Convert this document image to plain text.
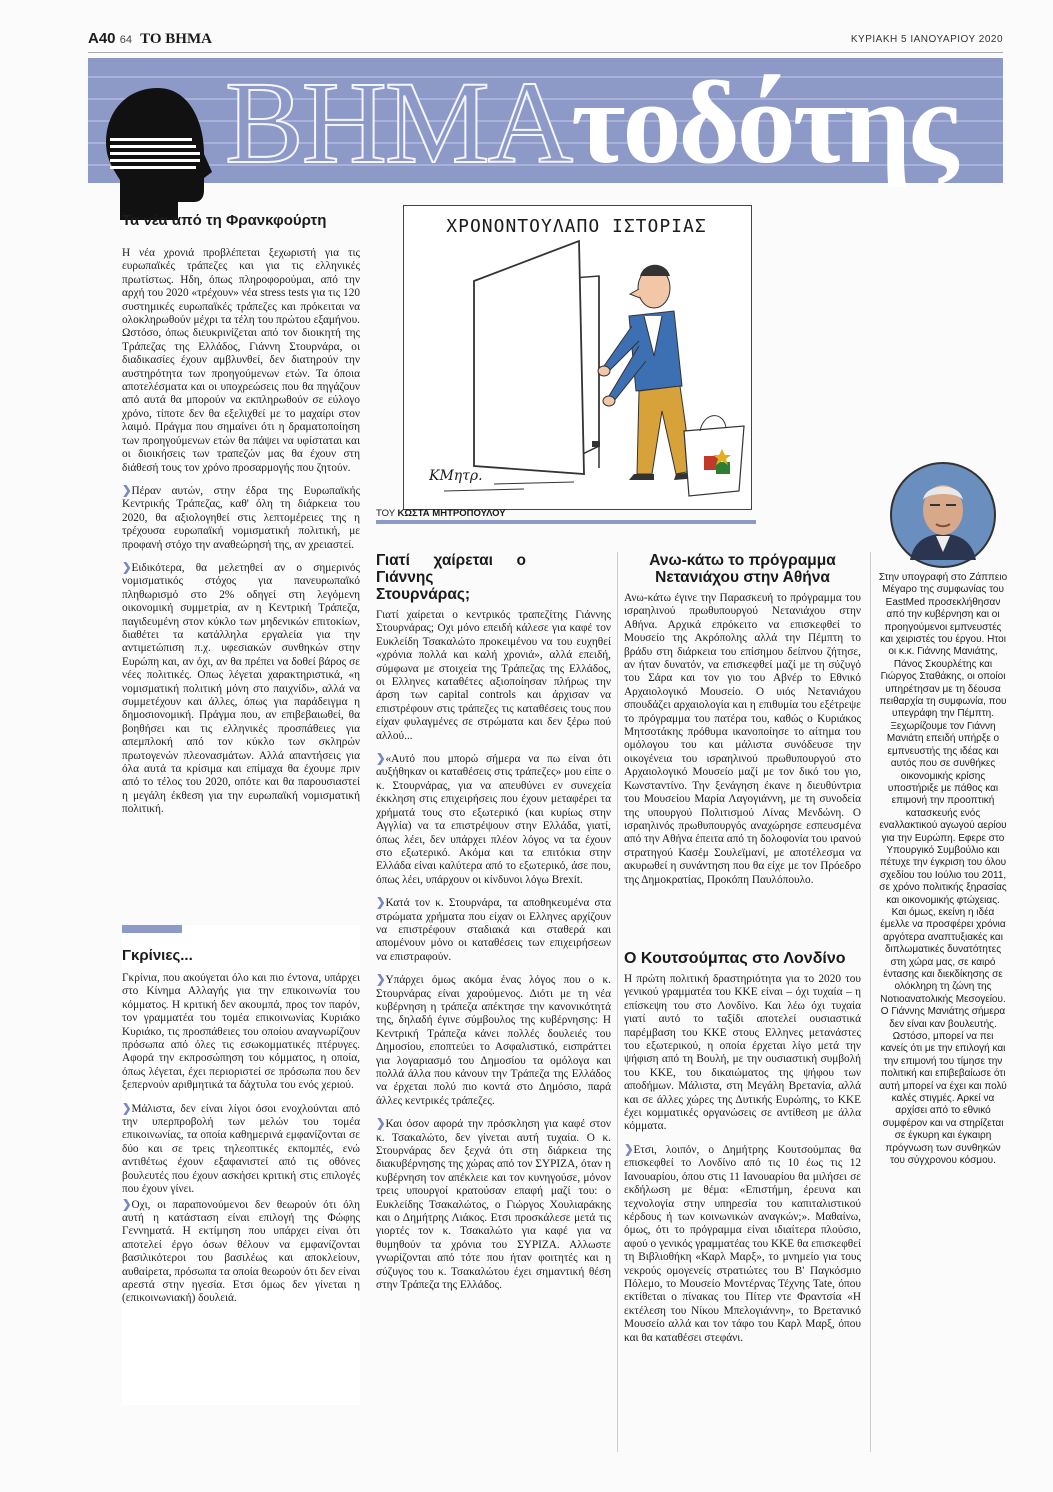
A40 64 ΤΟ ΒΗΜΑ	ΚΥΡΙΑΚΗ 5 ΙΑΝΟΥΑΡΙΟΥ 2020
ΒΗΜΑτοδότης
Τα νέα από τη Φρανκφούρτη

Η νέα χρονιά προβλέπεται ξεχωριστή για τις ευρωπαϊκές τράπεζες και για τις ελληνικές πρωτίστως. Ηδη, όπως πληροφορούμαι, από την αρχή του 2020 «τρέχουν» νέα stress tests για τις 120 συστημικές ευρωπαϊκές τράπεζες και πρόκειται να ολοκληρωθούν μέχρι τα τέλη του πρώτου εξαμήνου. Ωστόσο, όπως διευκρινίζεται από τον διοικητή της Τράπεζας της Ελλάδος, Γιάννη Στουρνάρα, οι διαδικασίες έχουν αμβλυνθεί, δεν διατηρούν την αυστηρότητα των προηγούμενων ετών. Τα όποια αποτελέσματα και οι υποχρεώσεις που θα πηγάζουν από αυτά θα μπορούν να εκπληρωθούν σε εύλογο χρόνο, τίποτε δεν θα εξελιχθεί με το μαχαίρι στον λαιμό. Πράγμα που σημαίνει ότι η δραματοποίηση των προηγούμενων ετών θα πάψει να υφίσταται και οι διοικήσεις των τραπεζών μας θα έχουν στη διάθεσή τους τον χρόνο προσαρμογής που ζητούν.

❯Πέραν αυτών, στην έδρα της Ευρωπαϊκής Κεντρικής Τράπεζας, καθ' όλη τη διάρκεια του 2020, θα αξιολογηθεί στις λεπτομέρειες της η τρέχουσα ευρωπαϊκή νομισματική πολιτική, με προφανή στόχο την αναθεώρησή της, αν χρειαστεί.

❯Ειδικότερα, θα μελετηθεί αν ο σημερινός νομισματικός στόχος για πανευρωπαϊκό πληθωρισμό στο 2% οδηγεί στη λεγόμενη οικονομική συμμετρία, αν η Κεντρική Τράπεζα, παγιδευμένη στον κύκλο των μηδενικών επιτοκίων, διαθέτει τα κατάλληλα εργαλεία για την αντιμετώπιση π.χ. υφεσιακών συνθηκών στην Ευρώπη και, αν όχι, αν θα πρέπει να δοθεί βάρος σε νέες πολιτικές. Οπως λέγεται χαρακτηριστικά, «η νομισματική πολιτική μόνη στο παιχνίδι», αλλά να συμμετέχουν και άλλες, όπως για παράδειγμα η δημοσιονομική. Πράγμα που, αν επιβεβαιωθεί, θα βοηθήσει και τις ελληνικές προσπάθειες για απεμπλοκή από τον κύκλο των σκληρών πρωτογενών πλεονασμάτων. Αλλά απαντήσεις για όλα αυτά τα κρίσιμα και επίμαχα θα έχουμε πριν από το τέλος του 2020, οπότε και θα παρουσιαστεί η μεγάλη έκθεση για την ευρωπαϊκή νομισματική πολιτική.

Γκρίνιες...

Γκρίνια, που ακούγεται όλο και πιο έντονα, υπάρχει στο Κίνημα Αλλαγής για την επικοινωνία του κόμματος. Η κριτική δεν ακουμπά, προς τον παρόν, τον γραμματέα του τομέα επικοινωνίας Κυριάκο Κυριάκο, τις προσπάθειες του οποίου αναγνωρίζουν πρόσωπα από όλες τις εσωκομματικές πτέρυγες. Αφορά την εκπροσώπηση του κόμματος, η οποία, όπως λέγεται, έχει περιοριστεί σε πρόσωπα που δεν ξεπερνούν αριθμητικά τα δάχτυλα του ενός χεριού.

❯Μάλιστα, δεν είναι λίγοι όσοι ενοχλούνται από την υπερπροβολή των μελών του τομέα επικοινωνίας, τα οποία καθημερινά εμφανίζονται σε δύο και σε τρεις τηλεοπτικές εκπομπές, ενώ αντιθέτως έχουν εξαφανιστεί από τις οθόνες βουλευτές που έχουν ασκήσει κριτική στις επιλογές που έχουν γίνει.

❯Οχι, οι παραπονούμενοι δεν θεωρούν ότι όλη αυτή η κατάσταση είναι επιλογή της Φώφης Γεννηματά. Η εκτίμηση που υπάρχει είναι ότι αποτελεί έργο όσων θέλουν να εμφανίζονται βασιλικότεροι του βασιλέως και αποκλείουν, αυθαίρετα, πρόσωπα τα οποία θεωρούν ότι δεν είναι αρεστά στην ηγεσία. Ετσι όμως δεν γίνεται η (επικοινωνιακή) δουλειά.

ΚΜητρ.
ΧΡΟΝΟΝΤΟΥΛΑΠΟ ΙΣΤΟΡΙΑΣ
ΤΟΥ ΚΩΣΤΑ ΜΗΤΡΟΠΟΥΛΟΥ
Γιατί χαίρεται ο Γιάννης Στουρνάρας;

Γιατί χαίρεται ο κεντρικός τραπεζίτης Γιάννης Στουρνάρας; Οχι μόνο επειδή κάλεσε για καφέ τον Ευκλείδη Τσακαλώτο προκειμένου να του ευχηθεί «χρόνια πολλά και καλή χρονιά», αλλά επειδή, σύμφωνα με στοιχεία της Τράπεζας της Ελλάδος, οι Ελληνες καταθέτες αξιοποίησαν πλήρως την άρση των capital controls και άρχισαν να επιστρέφουν στις τράπεζες τις καταθέσεις τους που είχαν φυλαγμένες σε στρώματα και δεν ξέρω πού αλλού...

❯«Αυτό που μπορώ σήμερα να πω είναι ότι αυξήθηκαν οι καταθέσεις στις τράπεζες» μου είπε ο κ. Στουρνάρας, για να απευθύνει εν συνεχεία έκκληση στις επιχειρήσεις που έχουν μεταφέρει τα χρήματά τους στο εξωτερικό (και κυρίως στην Αγγλία) να τα επιστρέψουν στην Ελλάδα, γιατί, όπως λέει, δεν υπάρχει πλέον λόγος να τα έχουν στο εξωτερικό. Ακόμα και τα επιτόκια στην Ελλάδα είναι καλύτερα από το εξωτερικό, άσε που, όπως λέει, υπάρχουν οι κίνδυνοι λόγω Brexit.

❯Κατά τον κ. Στουρνάρα, τα αποθηκευμένα στα στρώματα χρήματα που είχαν οι Ελληνες αρχίζουν να επιστρέφουν σταδιακά και σταθερά και απομένουν μόνο οι καταθέσεις των επιχειρήσεων να επιστραφούν.

❯Υπάρχει όμως ακόμα ένας λόγος που ο κ. Στουρνάρας είναι χαρούμενος. Διότι με τη νέα κυβέρνηση η τράπεζα απέκτησε την κανονικότητά της, δηλαδή έγινε σύμβουλος της κυβέρνησης: Η Κεντρική Τράπεζα κάνει πολλές δουλειές του Δημοσίου, εποπτεύει το Ασφαλιστικό, εισπράττει για λογαριασμό του Δημοσίου τα ομόλογα και πολλά άλλα που κάνουν την Τράπεζα της Ελλάδος να έρχεται πολύ πιο κοντά στο Δημόσιο, παρά άλλες κεντρικές τράπεζες.

❯Και όσον αφορά την πρόσκληση για καφέ στον κ. Τσακαλώτο, δεν γίνεται αυτή τυχαία. Ο κ. Στουρνάρας δεν ξεχνά ότι στη διάρκεια της διακυβέρνησης της χώρας από τον ΣΥΡΙΖΑ, όταν η κυβέρνηση τον απέκλειε και τον κυνηγούσε, μόνον τρεις υπουργοί κρατούσαν επαφή μαζί του: ο Ευκλείδης Τσακαλώτος, ο Γιώργος Χουλιαράκης και ο Δημήτρης Λιάκος. Ετσι προσκάλεσε μετά τις γιορτές τον κ. Τσακαλώτο για καφέ για να θυμηθούν τα χρόνια του ΣΥΡΙΖΑ. Αλλωστε γνωρίζονται από τότε που ήταν φοιτητές και η σύζυγος του κ. Τσακαλώτου έχει σημαντική θέση στην Τράπεζα της Ελλάδος.

Ανω-κάτω το πρόγραμμα Νετανιάχου στην Αθήνα

Ανω-κάτω έγινε την Παρασκευή το πρόγραμμα του ισραηλινού πρωθυπουργού Νετανιάχου στην Αθήνα. Αρχικά επρόκειτο να επισκεφθεί το Μουσείο της Ακρόπολης αλλά την Πέμπτη το βράδυ στη διάρκεια του επίσημου δείπνου ζήτησε, αν ήταν δυνατόν, να επισκεφθεί μαζί με τη σύζυγό του Σάρα και τον γιο του Αβνέρ το Εθνικό Αρχαιολογικό Μουσείο. Ο υιός Νετανιάχου σπουδάζει αρχαιολογία και η επιθυμία του εξέτρεψε το πρόγραμμα του πατέρα του, καθώς ο Κυριάκος Μητσοτάκης πρόθυμα ικανοποίησε το αίτημα του ομόλογου του και μάλιστα συνόδευσε την οικογένεια του ισραηλινού πρωθυπουργού στο Αρχαιολογικό Μουσείο μαζί με τον δικό του γιο, Κωνσταντίνο. Την ξενάγηση έκανε η διευθύντρια του Μουσείου Μαρία Λαγογιάννη, με τη συνοδεία της υπουργού Πολιτισμού Λίνας Μενδώνη. Ο ισραηλινός πρωθυπουργός αναχώρησε εσπευσμένα από την Αθήνα έπειτα από τη δολοφονία του ιρανού στρατηγού Κασέμ Σουλεϊμανί, με αποτέλεσμα να ακυρωθεί η συνάντηση που θα είχε με τον Πρόεδρο της Δημοκρατίας, Προκόπη Παυλόπουλο.

Ο Κουτσούμπας στο Λονδίνο

Η πρώτη πολιτική δραστηριότητα για το 2020 του γενικού γραμματέα του ΚΚΕ είναι – όχι τυχαία – η επίσκεψη του στο Λονδίνο. Και λέω όχι τυχαία γιατί αυτό το ταξίδι αποτελεί ουσιαστικά παρέμβαση του ΚΚΕ στους Ελληνες μετανάστες του εξωτερικού, η οποία έρχεται λίγο μετά την ψήφιση από τη Βουλή, με την ουσιαστική συμβολή του ΚΚΕ, του δικαιώματος της ψήφου των αποδήμων. Μάλιστα, στη Μεγάλη Βρετανία, αλλά και σε άλλες χώρες της Δυτικής Ευρώπης, το ΚΚΕ έχει κομματικές οργανώσεις σε αντίθεση με άλλα κόμματα.

❯Ετσι, λοιπόν, ο Δημήτρης Κουτσούμπας θα επισκεφθεί το Λονδίνο από τις 10 έως τις 12 Ιανουαρίου, όπου στις 11 Ιανουαρίου θα μιλήσει σε εκδήλωση με θέμα: «Επιστήμη, έρευνα και τεχνολογία στην υπηρεσία του καπιταλιστικού κέρδους ή των κοινωνικών αναγκών;». Μαθαίνω, όμως, ότι το πρόγραμμα είναι ιδιαίτερα πλούσιο, αφού ο γενικός γραμματέας του ΚΚΕ θα επισκεφθεί τη Βιβλιοθήκη «Καρλ Μαρξ», το μνημείο για τους νεκρούς ομογενείς στρατιώτες του Β' Παγκόσμιο Πόλεμο, το Μουσείο Μοντέρνας Τέχνης Tate, όπου εκτίθεται ο πίνακας του Πίτερ ντε Φραντσία «Η εκτέλεση του Νίκου Μπελογιάννη», το Βρετανικό Μουσείο αλλά και τον τάφο του Καρλ Μαρξ, όπου και θα καταθέσει στεφάνι.

Στην υπογραφή στο Ζάππειο Μέγαρο της συμφωνίας του EastMed προσεκλήθησαν από την κυβέρνηση και οι προηγούμενοι εμπνευστές και χειριστές του έργου. Ητοι οι κ.κ. Γιάννης Μανιάτης, Πάνος Σκουρλέτης και Γιώργος Σταθάκης, οι οποίοι υπηρέτησαν με τη δέουσα πειθαρχία τη συμφωνία, που υπεγράφη την Πέμπτη. Ξεχωρίζουμε τον Γιάννη Μανιάτη επειδή υπήρξε ο εμπνευστής της ιδέας και αυτός που σε συνθήκες οικονομικής κρίσης υποστήριξε με πάθος και επιμονή την προοπτική κατασκευής ενός εναλλακτικού αγωγού αερίου για την Ευρώπη. Εφερε στο Υπουργικό Συμβούλιο και πέτυχε την έγκριση του όλου σχεδίου του Ιούλιο του 2011, σε χρόνο πολιτικής ξηρασίας και οικονομικής φτώχειας. Και όμως, εκείνη η ιδέα έμελλε να προσφέρει χρόνια αργότερα αναπτυξιακές και διπλωματικές δυνατότητες στη χώρα μας, σε καιρό έντασης και διεκδίκησης σε ολόκληρη τη ζώνη της Νοτιοανατολικής Μεσογείου. Ο Γιάννης Μανιάτης σήμερα δεν είναι καν βουλευτής. Ωστόσο, μπορεί να πει κανείς ότι με την επιλογή και την επιμονή του τίμησε την πολιτική και επιβεβαίωσε ότι αυτή μπορεί να έχει και πολύ καλές στιγμές. Αρκεί να αρχίσει από το εθνικό συμφέρον και να στηρίζεται σε έγκυρη και έγκαιρη πρόγνωση των συνθηκών του σύγχρονου κόσμου.
